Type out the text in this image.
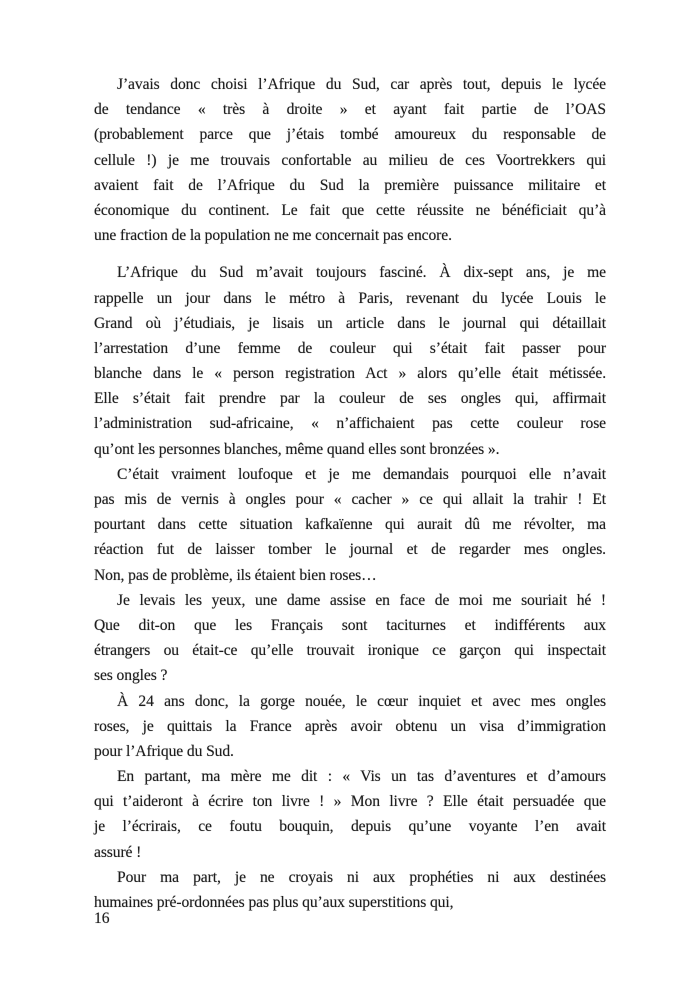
J’avais donc choisi l’Afrique du Sud, car après tout, depuis le lycée
de tendance « très à droite » et ayant fait partie de l’OAS
(probablement parce que j’étais tombé amoureux du responsable de
cellule !) je me trouvais confortable au milieu de ces Voortrekkers qui
avaient fait de l’Afrique du Sud la première puissance militaire et
économique du continent. Le fait que cette réussite ne bénéficiait qu’à
une fraction de la population ne me concernait pas encore.
L’Afrique du Sud m’avait toujours fasciné. À dix-sept ans, je me
rappelle un jour dans le métro à Paris, revenant du lycée Louis le
Grand où j’étudiais, je lisais un article dans le journal qui détaillait
l’arrestation d’une femme de couleur qui s’était fait passer pour
blanche dans le « person registration Act » alors qu’elle était métissée.
Elle s’était fait prendre par la couleur de ses ongles qui, affirmait
l’administration sud-africaine, « n’affichaient pas cette couleur rose
qu’ont les personnes blanches, même quand elles sont bronzées ».
C’était vraiment loufoque et je me demandais pourquoi elle n’avait
pas mis de vernis à ongles pour « cacher » ce qui allait la trahir ! Et
pourtant dans cette situation kafkaïenne qui aurait dû me révolter, ma
réaction fut de laisser tomber le journal et de regarder mes ongles.
Non, pas de problème, ils étaient bien roses…
Je levais les yeux, une dame assise en face de moi me souriait hé !
Que dit-on que les Français sont taciturnes et indifférents aux
étrangers ou était-ce qu’elle trouvait ironique ce garçon qui inspectait
ses ongles ?
À 24 ans donc, la gorge nouée, le cœur inquiet et avec mes ongles
roses, je quittais la France après avoir obtenu un visa d’immigration
pour l’Afrique du Sud.
En partant, ma mère me dit : « Vis un tas d’aventures et d’amours
qui t’aideront à écrire ton livre ! » Mon livre ? Elle était persuadée que
je l’écrirais, ce foutu bouquin, depuis qu’une voyante l’en avait
assuré !
Pour ma part, je ne croyais ni aux prophéties ni aux destinées
humaines pré-ordonnées pas plus qu’aux superstitions qui,
16
